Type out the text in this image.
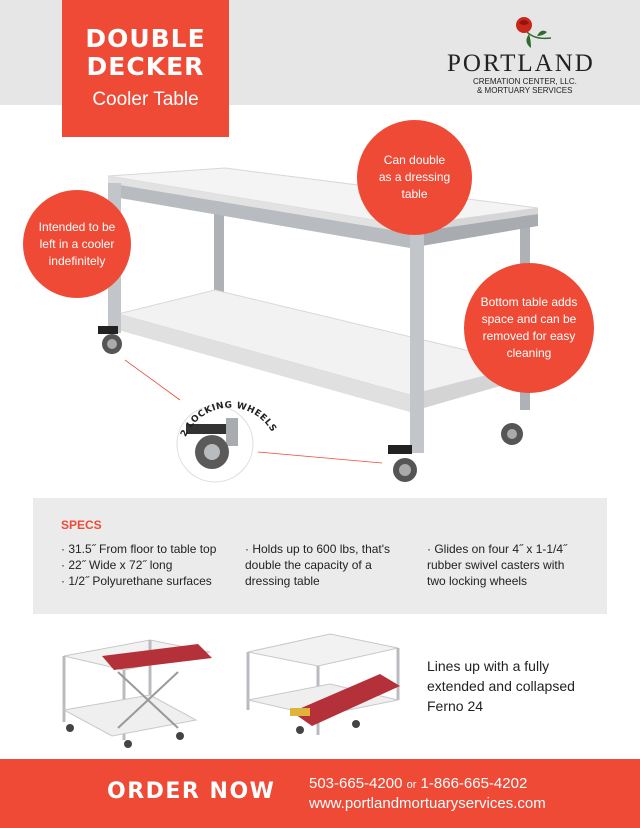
DOUBLE
DECKER
Cooler Table
PORTLAND
CREMATION CENTER, LLC.
& MORTUARY SERVICES
2 LOCKING WHEELS
Intended to be
left in a cooler
indefinitely
Can double
as a dressing
table
Bottom table adds
space and can be
removed for easy
cleaning
SPECS
· 31.5˝ From floor to table top
· 22˝ Wide x 72˝ long
· 1/2˝ Polyurethane surfaces
· Holds up to 600 lbs, that's
double the capacity of a
dressing table
· Glides on four 4˝ x 1-1/4˝
rubber swivel casters with
two locking wheels
Lines up with a fully
extended and collapsed
Ferno 24
ORDER NOW 503-665-4200 or 1-866-665-4202
www.portlandmortuaryservices.com
